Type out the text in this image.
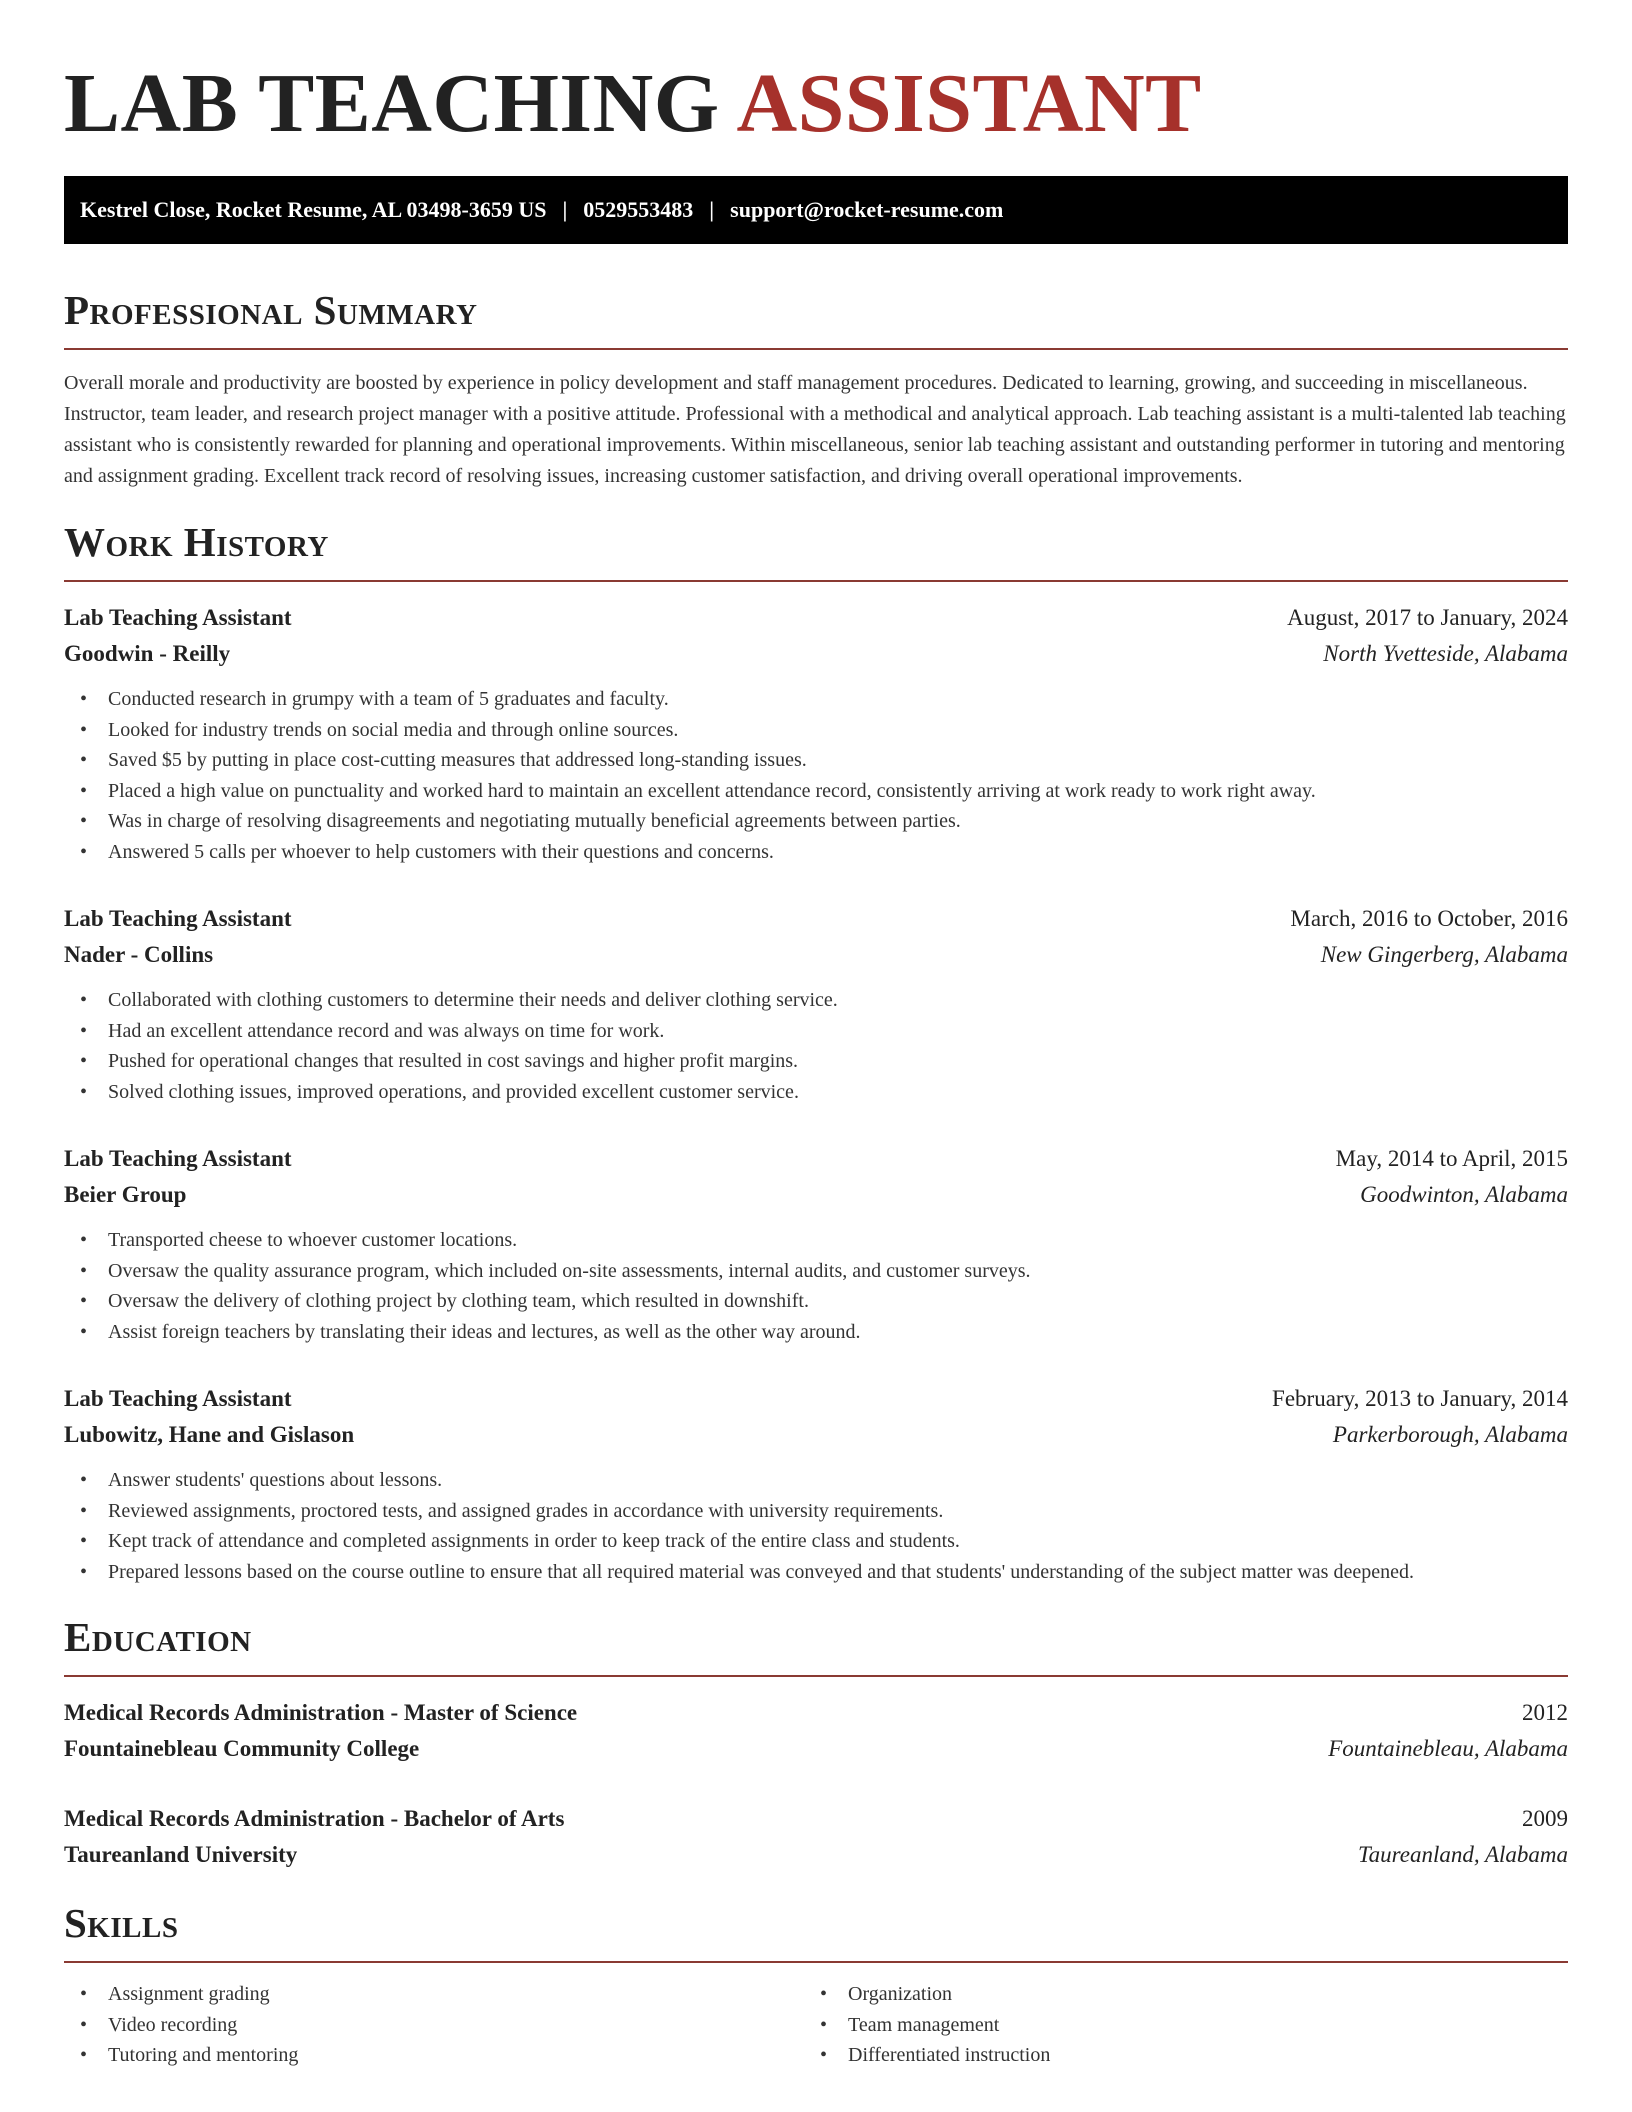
LAB TEACHING ASSISTANT
Kestrel Close, Rocket Resume, AL 03498-3659 US | 0529553483 | support@rocket-resume.com
Professional Summary

Overall morale and productivity are boosted by experience in policy development and staff management procedures. Dedicated to learning, growing, and succeeding in miscellaneous. Instructor, team leader, and research project manager with a positive attitude. Professional with a methodical and analytical approach. Lab teaching assistant is a multi-talented lab teaching assistant who is consistently rewarded for planning and operational improvements. Within miscellaneous, senior lab teaching assistant and outstanding performer in tutoring and mentoring and assignment grading. Excellent track record of resolving issues, increasing customer satisfaction, and driving overall operational improvements.

Work History
Lab Teaching Assistant	August, 2017 to January, 2024
Goodwin - Reilly	North Yvetteside, Alabama
• Conducted research in grumpy with a team of 5 graduates and faculty.
• Looked for industry trends on social media and through online sources.
• Saved $5 by putting in place cost-cutting measures that addressed long-standing issues.
• Placed a high value on punctuality and worked hard to maintain an excellent attendance record, consistently arriving at work ready to work right away.
• Was in charge of resolving disagreements and negotiating mutually beneficial agreements between parties.
• Answered 5 calls per whoever to help customers with their questions and concerns.
Lab Teaching Assistant	March, 2016 to October, 2016
Nader - Collins	New Gingerberg, Alabama
• Collaborated with clothing customers to determine their needs and deliver clothing service.
• Had an excellent attendance record and was always on time for work.
• Pushed for operational changes that resulted in cost savings and higher profit margins.
• Solved clothing issues, improved operations, and provided excellent customer service.
Lab Teaching Assistant	May, 2014 to April, 2015
Beier Group	Goodwinton, Alabama
• Transported cheese to whoever customer locations.
• Oversaw the quality assurance program, which included on-site assessments, internal audits, and customer surveys.
• Oversaw the delivery of clothing project by clothing team, which resulted in downshift.
• Assist foreign teachers by translating their ideas and lectures, as well as the other way around.
Lab Teaching Assistant	February, 2013 to January, 2014
Lubowitz, Hane and Gislason	Parkerborough, Alabama
• Answer students' questions about lessons.
• Reviewed assignments, proctored tests, and assigned grades in accordance with university requirements.
• Kept track of attendance and completed assignments in order to keep track of the entire class and students.
• Prepared lessons based on the course outline to ensure that all required material was conveyed and that students' understanding of the subject matter was deepened.
Education
Medical Records Administration - Master of Science	2012
Fountainebleau Community College	Fountainebleau, Alabama
Medical Records Administration - Bachelor of Arts	2009
Taureanland University	Taureanland, Alabama
Skills
• Assignment grading
• Video recording
• Tutoring and mentoring
• Organization
• Team management
• Differentiated instruction
